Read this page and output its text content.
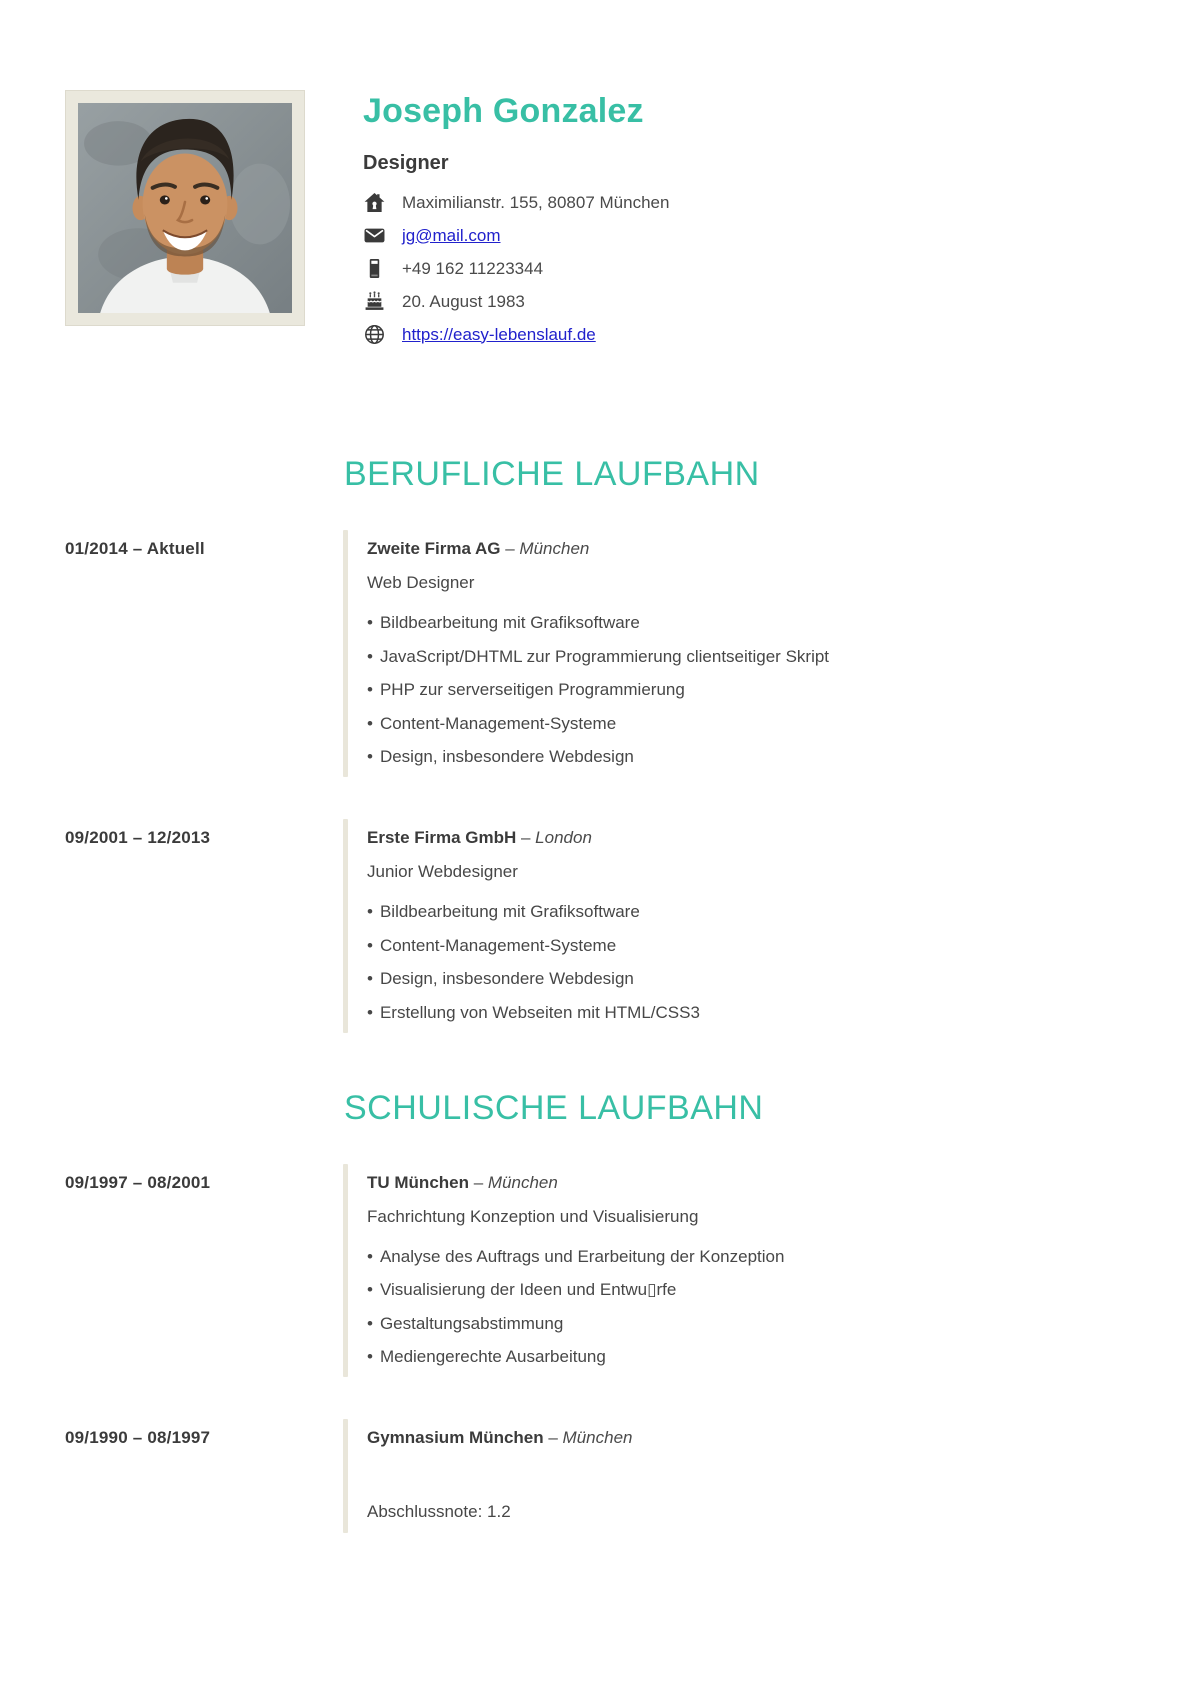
Joseph Gonzalez
Designer
Maximilianstr. 155, 80807 München
jg@mail.com
+49 162 11223344
20. August 1983
https://easy-lebenslauf.de
BERUFLICHE LAUFBAHN
01/2014 – Aktuell	Zweite Firma AG – München
Web Designer
• Bildbearbeitung mit Grafiksoftware
• JavaScript/DHTML zur Programmierung clientseitiger Skript
• PHP zur serverseitigen Programmierung
• Content-Management-Systeme
• Design, insbesondere Webdesign
09/2001 – 12/2013	Erste Firma GmbH – London
Junior Webdesigner
• Bildbearbeitung mit Grafiksoftware
• Content-Management-Systeme
• Design, insbesondere Webdesign
• Erstellung von Webseiten mit HTML/CSS3
SCHULISCHE LAUFBAHN
09/1997 – 08/2001	TU München – München
Fachrichtung Konzeption und Visualisierung
• Analyse des Auftrags und Erarbeitung der Konzeption
• Visualisierung der Ideen und Entwu▯rfe
• Gestaltungsabstimmung
• Mediengerechte Ausarbeitung
09/1990 – 08/1997	Gymnasium München – München
Abschlussnote: 1.2
